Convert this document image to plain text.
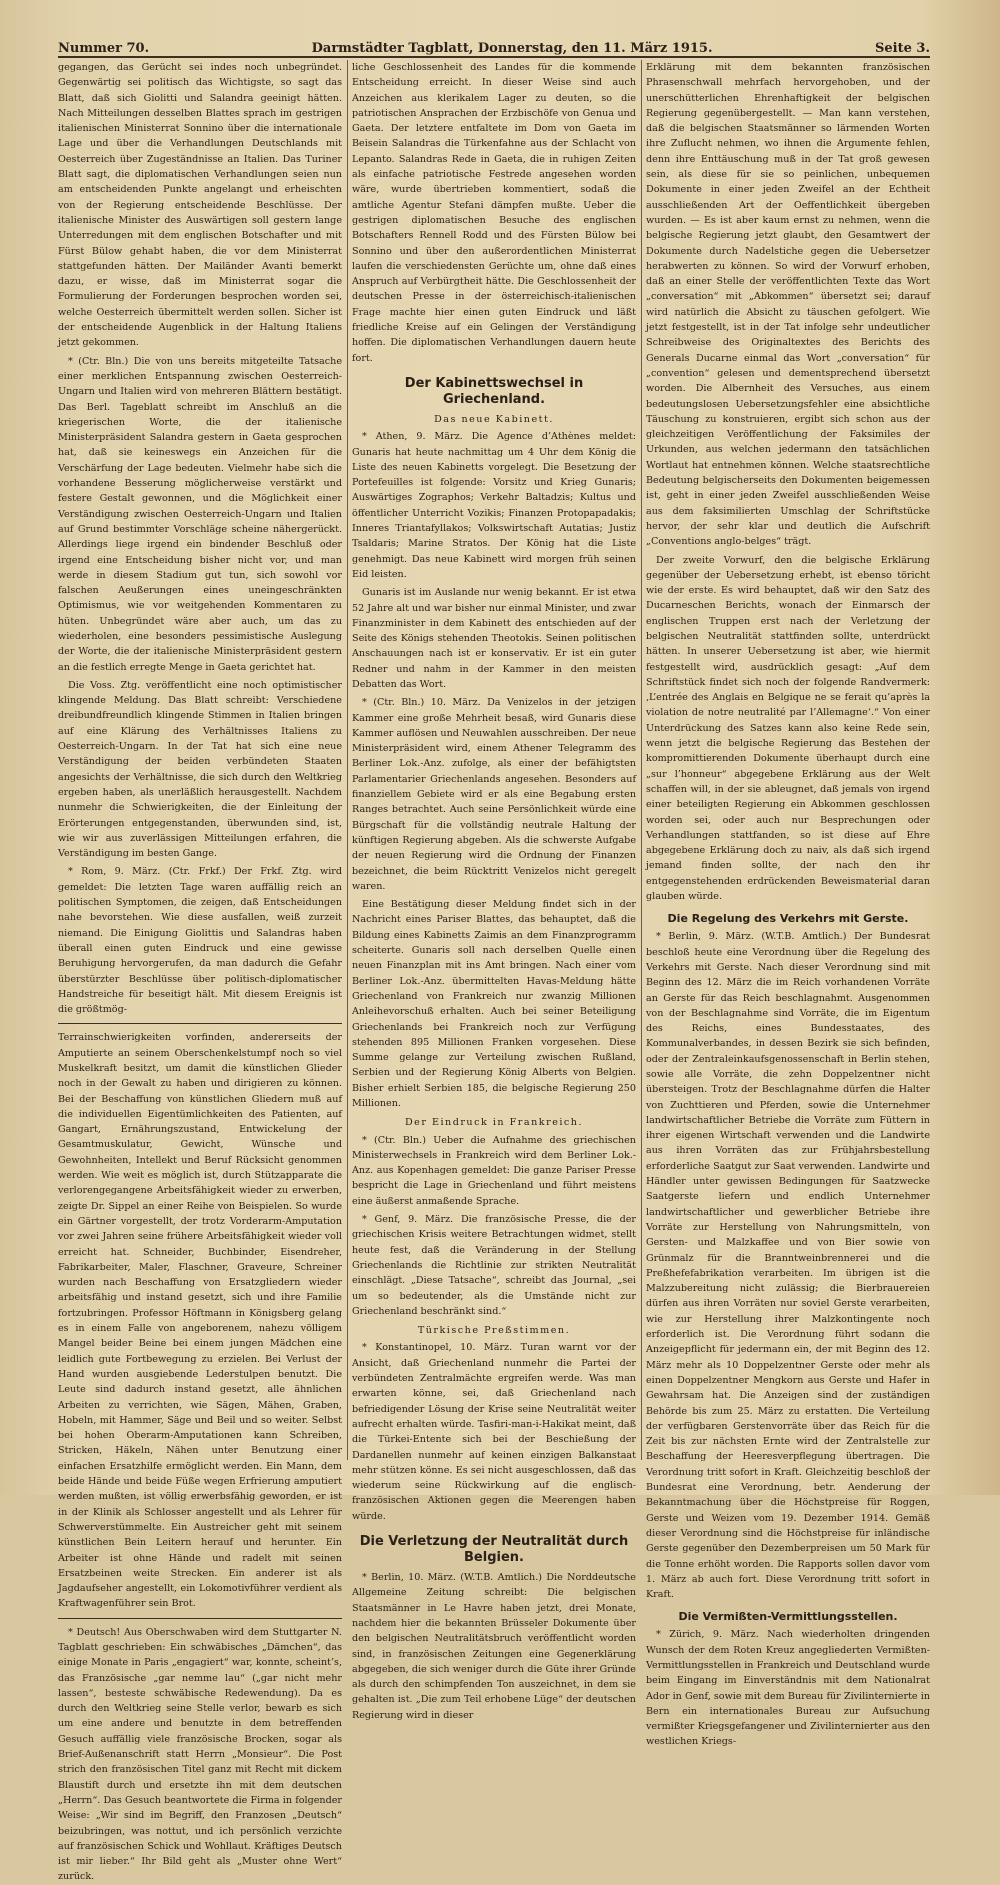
Nummer 70.	Darmstädter Tagblatt, Donnerstag, den 11. März 1915.	Seite 3.

gegangen, das Gerücht sei indes noch unbegründet. Gegenwärtig sei politisch das Wichtigste, so sagt das Blatt, daß sich Giolitti und Salandra geeinigt hätten. Nach Mitteilungen desselben Blattes sprach im gestrigen italienischen Ministerrat Sonnino über die internationale Lage und über die Verhandlungen Deutschlands mit Oesterreich über Zugeständnisse an Italien. Das Turiner Blatt sagt, die diplomatischen Verhandlungen seien nun am entscheidenden Punkte angelangt und erheischten von der Regierung entscheidende Beschlüsse. Der italienische Minister des Auswärtigen soll gestern lange Unterredungen mit dem englischen Botschafter und mit Fürst Bülow gehabt haben, die vor dem Ministerrat stattgefunden hätten. Der Mailänder Avanti bemerkt dazu, er wisse, daß im Ministerrat sogar die Formulierung der Forderungen besprochen worden sei, welche Oesterreich übermittelt werden sollen. Sicher ist der entscheidende Augenblick in der Haltung Italiens jetzt gekommen.

* (Ctr. Bln.) Die von uns bereits mitgeteilte Tatsache einer merklichen Entspannung zwischen Oesterreich-Ungarn und Italien wird von mehreren Blättern bestätigt. Das Berl. Tageblatt schreibt im Anschluß an die kriegerischen Worte, die der italienische Ministerpräsident Salandra gestern in Gaeta gesprochen hat, daß sie keineswegs ein Anzeichen für die Verschärfung der Lage bedeuten. Vielmehr habe sich die vorhandene Besserung möglicherweise verstärkt und festere Gestalt gewonnen, und die Möglichkeit einer Verständigung zwischen Oesterreich-Ungarn und Italien auf Grund bestimmter Vorschläge scheine nähergerückt. Allerdings liege irgend ein bindender Beschluß oder irgend eine Entscheidung bisher nicht vor, und man werde in diesem Stadium gut tun, sich sowohl vor falschen Aeußerungen eines uneingeschränkten Optimismus, wie vor weitgehenden Kommentaren zu hüten. Unbegründet wäre aber auch, um das zu wiederholen, eine besonders pessimistische Auslegung der Worte, die der italienische Ministerpräsident gestern an die festlich erregte Menge in Gaeta gerichtet hat.

Die Voss. Ztg. veröffentlicht eine noch optimistischer klingende Meldung. Das Blatt schreibt: Verschiedene dreibundfreundlich klingende Stimmen in Italien bringen auf eine Klärung des Verhältnisses Italiens zu Oesterreich-Ungarn. In der Tat hat sich eine neue Verständigung der beiden verbündeten Staaten angesichts der Verhältnisse, die sich durch den Weltkrieg ergeben haben, als unerläßlich herausgestellt. Nachdem nunmehr die Schwierigkeiten, die der Einleitung der Erörterungen entgegenstanden, überwunden sind, ist, wie wir aus zuverlässigen Mitteilungen erfahren, die Verständigung im besten Gange.

* Rom, 9. März. (Ctr. Frkf.) Der Frkf. Ztg. wird gemeldet: Die letzten Tage waren auffällig reich an politischen Symptomen, die zeigen, daß Entscheidungen nahe bevorstehen. Wie diese ausfallen, weiß zurzeit niemand. Die Einigung Giolittis und Salandras haben überall einen guten Eindruck und eine gewisse Beruhigung hervorgerufen, da man dadurch die Gefahr überstürzter Beschlüsse über politisch-diplomatischer Handstreiche für beseitigt hält. Mit diesem Ereignis ist die größtmög-

Terrainschwierigkeiten vorfinden, andererseits der Amputierte an seinem Oberschenkelstumpf noch so viel Muskelkraft besitzt, um damit die künstlichen Glieder noch in der Gewalt zu haben und dirigieren zu können. Bei der Beschaffung von künstlichen Gliedern muß auf die individuellen Eigentümlichkeiten des Patienten, auf Gangart, Ernährungszustand, Entwickelung der Gesamtmuskulatur, Gewicht, Wünsche und Gewohnheiten, Intellekt und Beruf Rücksicht genommen werden. Wie weit es möglich ist, durch Stützapparate die verlorengegangene Arbeitsfähigkeit wieder zu erwerben, zeigte Dr. Sippel an einer Reihe von Beispielen. So wurde ein Gärtner vorgestellt, der trotz Vorderarm-Amputation vor zwei Jahren seine frühere Arbeitsfähigkeit wieder voll erreicht hat. Schneider, Buchbinder, Eisendreher, Fabrikarbeiter, Maler, Flaschner, Graveure, Schreiner wurden nach Beschaffung von Ersatzgliedern wieder arbeitsfähig und instand gesetzt, sich und ihre Familie fortzubringen. Professor Höftmann in Königsberg gelang es in einem Falle von angeborenem, nahezu völligem Mangel beider Beine bei einem jungen Mädchen eine leidlich gute Fortbewegung zu erzielen. Bei Verlust der Hand wurden ausgiebende Lederstulpen benutzt. Die Leute sind dadurch instand gesetzt, alle ähnlichen Arbeiten zu verrichten, wie Sägen, Mähen, Graben, Hobeln, mit Hammer, Säge und Beil und so weiter. Selbst bei hohen Oberarm-Amputationen kann Schreiben, Stricken, Häkeln, Nähen unter Benutzung einer einfachen Ersatzhilfe ermöglicht werden. Ein Mann, dem beide Hände und beide Füße wegen Erfrierung amputiert werden mußten, ist völlig erwerbsfähig geworden, er ist in der Klinik als Schlosser angestellt und als Lehrer für Schwerverstümmelte. Ein Austreicher geht mit seinem künstlichen Bein Leitern herauf und herunter. Ein Arbeiter ist ohne Hände und radelt mit seinen Ersatzbeinen weite Strecken. Ein anderer ist als Jagdaufseher angestellt, ein Lokomotivführer verdient als Kraftwagenführer sein Brot.

* Deutsch! Aus Oberschwaben wird dem Stuttgarter N. Tagblatt geschrieben: Ein schwäbisches „Dämchen“, das einige Monate in Paris „engagiert“ war, konnte, scheint’s, das Französische „gar nemme lau“ („gar nicht mehr lassen“, besteste schwäbische Redewendung). Da es durch den Weltkrieg seine Stelle verlor, bewarb es sich um eine andere und benutzte in dem betreffenden Gesuch auffällig viele französische Brocken, sogar als Brief-Außenanschrift statt Herrn „Monsieur“. Die Post strich den französischen Titel ganz mit Recht mit dickem Blaustift durch und ersetzte ihn mit dem deutschen „Herrn“. Das Gesuch beantwortete die Firma in folgender Weise: „Wir sind im Begriff, den Franzosen „Deutsch“ beizubringen, was nottut, und ich persönlich verzichte auf französischen Schick und Wohllaut. Kräftiges Deutsch ist mir lieber.“ Ihr Bild geht als „Muster ohne Wert“ zurück.

liche Geschlossenheit des Landes für die kommende Entscheidung erreicht. In dieser Weise sind auch Anzeichen aus klerikalem Lager zu deuten, so die patriotischen Ansprachen der Erzbischöfe von Genua und Gaeta. Der letztere entfaltete im Dom von Gaeta im Beisein Salandras die Türkenfahne aus der Schlacht von Lepanto. Salandras Rede in Gaeta, die in ruhigen Zeiten als einfache patriotische Festrede angesehen worden wäre, wurde übertrieben kommentiert, sodaß die amtliche Agentur Stefani dämpfen mußte. Ueber die gestrigen diplomatischen Besuche des englischen Botschafters Rennell Rodd und des Fürsten Bülow bei Sonnino und über den außerordentlichen Ministerrat laufen die verschiedensten Gerüchte um, ohne daß eines Anspruch auf Verbürgtheit hätte. Die Geschlossenheit der deutschen Presse in der österreichisch-italienischen Frage machte hier einen guten Eindruck und läßt friedliche Kreise auf ein Gelingen der Verständigung hoffen. Die diplomatischen Verhandlungen dauern heute fort.

Der Kabinettswechsel in Griechenland.
Das neue Kabinett.

* Athen, 9. März. Die Agence d’Athènes meldet: Gunaris hat heute nachmittag um 4 Uhr dem König die Liste des neuen Kabinetts vorgelegt. Die Besetzung der Portefeuilles ist folgende: Vorsitz und Krieg Gunaris; Auswärtiges Zographos; Verkehr Baltadzis; Kultus und öffentlicher Unterricht Vozikis; Finanzen Protopapadakis; Inneres Triantafyllakos; Volkswirtschaft Autatias; Justiz Tsaldaris; Marine Stratos. Der König hat die Liste genehmigt. Das neue Kabinett wird morgen früh seinen Eid leisten.

Gunaris ist im Auslande nur wenig bekannt. Er ist etwa 52 Jahre alt und war bisher nur einmal Minister, und zwar Finanzminister in dem Kabinett des entschieden auf der Seite des Königs stehenden Theotokis. Seinen politischen Anschauungen nach ist er konservativ. Er ist ein guter Redner und nahm in der Kammer in den meisten Debatten das Wort.

* (Ctr. Bln.) 10. März. Da Venizelos in der jetzigen Kammer eine große Mehrheit besaß, wird Gunaris diese Kammer auflösen und Neuwahlen ausschreiben. Der neue Ministerpräsident wird, einem Athener Telegramm des Berliner Lok.-Anz. zufolge, als einer der befähigtsten Parlamentarier Griechenlands angesehen. Besonders auf finanziellem Gebiete wird er als eine Begabung ersten Ranges betrachtet. Auch seine Persönlichkeit würde eine Bürgschaft für die vollständig neutrale Haltung der künftigen Regierung abgeben. Als die schwerste Aufgabe der neuen Regierung wird die Ordnung der Finanzen bezeichnet, die beim Rücktritt Venizelos nicht geregelt waren.

Eine Bestätigung dieser Meldung findet sich in der Nachricht eines Pariser Blattes, das behauptet, daß die Bildung eines Kabinetts Zaimis an dem Finanzprogramm scheiterte. Gunaris soll nach derselben Quelle einen neuen Finanzplan mit ins Amt bringen. Nach einer vom Berliner Lok.-Anz. übermittelten Havas-Meldung hätte Griechenland von Frankreich nur zwanzig Millionen Anleihevorschuß erhalten. Auch bei seiner Beteiligung Griechenlands bei Frankreich noch zur Verfügung stehenden 895 Millionen Franken vorgesehen. Diese Summe gelange zur Verteilung zwischen Rußland, Serbien und der Regierung König Alberts von Belgien. Bisher erhielt Serbien 185, die belgische Regierung 250 Millionen.

Der Eindruck in Frankreich.

* (Ctr. Bln.) Ueber die Aufnahme des griechischen Ministerwechsels in Frankreich wird dem Berliner Lok.-Anz. aus Kopenhagen gemeldet: Die ganze Pariser Presse bespricht die Lage in Griechenland und führt meistens eine äußerst anmaßende Sprache.

* Genf, 9. März. Die französische Presse, die der griechischen Krisis weitere Betrachtungen widmet, stellt heute fest, daß die Veränderung in der Stellung Griechenlands die Richtlinie zur strikten Neutralität einschlägt. „Diese Tatsache“, schreibt das Journal, „sei um so bedeutender, als die Umstände nicht zur Griechenland beschränkt sind.“

Türkische Preßstimmen.

* Konstantinopel, 10. März. Turan warnt vor der Ansicht, daß Griechenland nunmehr die Partei der verbündeten Zentralmächte ergreifen werde. Was man erwarten könne, sei, daß Griechenland nach befriedigender Lösung der Krise seine Neutralität weiter aufrecht erhalten würde. Tasfiri-man-i-Hakikat meint, daß die Türkei-Entente sich bei der Beschießung der Dardanellen nunmehr auf keinen einzigen Balkanstaat mehr stützen könne. Es sei nicht ausgeschlossen, daß das wiederum seine Rückwirkung auf die englisch-französischen Aktionen gegen die Meerengen haben würde.

Die Verletzung der Neutralität durch Belgien.

* Berlin, 10. März. (W.T.B. Amtlich.) Die Norddeutsche Allgemeine Zeitung schreibt: Die belgischen Staatsmänner in Le Havre haben jetzt, drei Monate, nachdem hier die bekannten Brüsseler Dokumente über den belgischen Neutralitätsbruch veröffentlicht worden sind, in französischen Zeitungen eine Gegenerklärung abgegeben, die sich weniger durch die Güte ihrer Gründe als durch den schimpfenden Ton auszeichnet, in dem sie gehalten ist. „Die zum Teil erhobene Lüge“ der deutschen Regierung wird in dieser

Erklärung mit dem bekannten französischen Phrasenschwall mehrfach hervorgehoben, und der unerschütterlichen Ehrenhaftigkeit der belgischen Regierung gegenübergestellt. — Man kann verstehen, daß die belgischen Staatsmänner so lärmenden Worten ihre Zuflucht nehmen, wo ihnen die Argumente fehlen, denn ihre Enttäuschung muß in der Tat groß gewesen sein, als diese für sie so peinlichen, unbequemen Dokumente in einer jeden Zweifel an der Echtheit ausschließenden Art der Oeffentlichkeit übergeben wurden. — Es ist aber kaum ernst zu nehmen, wenn die belgische Regierung jetzt glaubt, den Gesamtwert der Dokumente durch Nadelstiche gegen die Uebersetzer herabwerten zu können. So wird der Vorwurf erhoben, daß an einer Stelle der veröffentlichten Texte das Wort „conversation“ mit „Abkommen“ übersetzt sei; darauf wird natürlich die Absicht zu täuschen gefolgert. Wie jetzt festgestellt, ist in der Tat infolge sehr undeutlicher Schreibweise des Originaltextes des Berichts des Generals Ducarne einmal das Wort „conversation“ für „convention“ gelesen und dementsprechend übersetzt worden. Die Albernheit des Versuches, aus einem bedeutungslosen Uebersetzungsfehler eine absichtliche Täuschung zu konstruieren, ergibt sich schon aus der gleichzeitigen Veröffentlichung der Faksimiles der Urkunden, aus welchen jedermann den tatsächlichen Wortlaut hat entnehmen können. Welche staatsrechtliche Bedeutung belgischerseits den Dokumenten beigemessen ist, geht in einer jeden Zweifel ausschließenden Weise aus dem faksimilierten Umschlag der Schriftstücke hervor, der sehr klar und deutlich die Aufschrift „Conventions anglo-belges“ trägt.

Der zweite Vorwurf, den die belgische Erklärung gegenüber der Uebersetzung erhebt, ist ebenso töricht wie der erste. Es wird behauptet, daß wir den Satz des Ducarneschen Berichts, wonach der Einmarsch der englischen Truppen erst nach der Verletzung der belgischen Neutralität stattfinden sollte, unterdrückt hätten. In unserer Uebersetzung ist aber, wie hiermit festgestellt wird, ausdrücklich gesagt: „Auf dem Schriftstück findet sich noch der folgende Randvermerk: ‚L’entrée des Anglais en Belgique ne se ferait qu’après la violation de notre neutralité par l’Allemagne‘.“ Von einer Unterdrückung des Satzes kann also keine Rede sein, wenn jetzt die belgische Regierung das Bestehen der kompromittierenden Dokumente überhaupt durch eine „sur l’honneur“ abgegebene Erklärung aus der Welt schaffen will, in der sie ableugnet, daß jemals von irgend einer beteiligten Regierung ein Abkommen geschlossen worden sei, oder auch nur Besprechungen oder Verhandlungen stattfanden, so ist diese auf Ehre abgegebene Erklärung doch zu naiv, als daß sich irgend jemand finden sollte, der nach den ihr entgegenstehenden erdrückenden Beweismaterial daran glauben würde.

Die Regelung des Verkehrs mit Gerste.

* Berlin, 9. März. (W.T.B. Amtlich.) Der Bundesrat beschloß heute eine Verordnung über die Regelung des Verkehrs mit Gerste. Nach dieser Verordnung sind mit Beginn des 12. März die im Reich vorhandenen Vorräte an Gerste für das Reich beschlagnahmt. Ausgenommen von der Beschlagnahme sind Vorräte, die im Eigentum des Reichs, eines Bundesstaates, des Kommunalverbandes, in dessen Bezirk sie sich befinden, oder der Zentraleinkaufsgenossenschaft in Berlin stehen, sowie alle Vorräte, die zehn Doppelzentner nicht übersteigen. Trotz der Beschlagnahme dürfen die Halter von Zuchttieren und Pferden, sowie die Unternehmer landwirtschaftlicher Betriebe die Vorräte zum Füttern in ihrer eigenen Wirtschaft verwenden und die Landwirte aus ihren Vorräten das zur Frühjahrsbestellung erforderliche Saatgut zur Saat verwenden. Landwirte und Händler unter gewissen Bedingungen für Saatzwecke Saatgerste liefern und endlich Unternehmer landwirtschaftlicher und gewerblicher Betriebe ihre Vorräte zur Herstellung von Nahrungsmitteln, von Gersten- und Malzkaffee und von Bier sowie von Grünmalz für die Branntweinbrennerei und die Preßhefefabrikation verarbeiten. Im übrigen ist die Malzzubereitung nicht zulässig; die Bierbrauereien dürfen aus ihren Vorräten nur soviel Gerste verarbeiten, wie zur Herstellung ihrer Malzkontingente noch erforderlich ist. Die Verordnung führt sodann die Anzeigepflicht für jedermann ein, der mit Beginn des 12. März mehr als 10 Doppelzentner Gerste oder mehr als einen Doppelzentner Mengkorn aus Gerste und Hafer in Gewahrsam hat. Die Anzeigen sind der zuständigen Behörde bis zum 25. März zu erstatten. Die Verteilung der verfügbaren Gerstenvorräte über das Reich für die Zeit bis zur nächsten Ernte wird der Zentralstelle zur Beschaffung der Heeresverpflegung übertragen. Die Verordnung tritt sofort in Kraft. Gleichzeitig beschloß der Bundesrat eine Verordnung, betr. Aenderung der Bekanntmachung über die Höchstpreise für Roggen, Gerste und Weizen vom 19. Dezember 1914. Gemäß dieser Verordnung sind die Höchstpreise für inländische Gerste gegenüber den Dezemberpreisen um 50 Mark für die Tonne erhöht worden. Die Rapports sollen davor vom 1. März ab auch fort. Diese Verordnung tritt sofort in Kraft.

Die Vermißten-Vermittlungsstellen.

* Zürich, 9. März. Nach wiederholten dringenden Wunsch der dem Roten Kreuz angegliederten Vermißten-Vermittlungsstellen in Frankreich und Deutschland wurde beim Eingang im Einverständnis mit dem Nationalrat Ador in Genf, sowie mit dem Bureau für Zivilinternierte in Bern ein internationales Bureau zur Aufsuchung vermißter Kriegsgefangener und Zivilinternierter aus den westlichen Kriegs-
